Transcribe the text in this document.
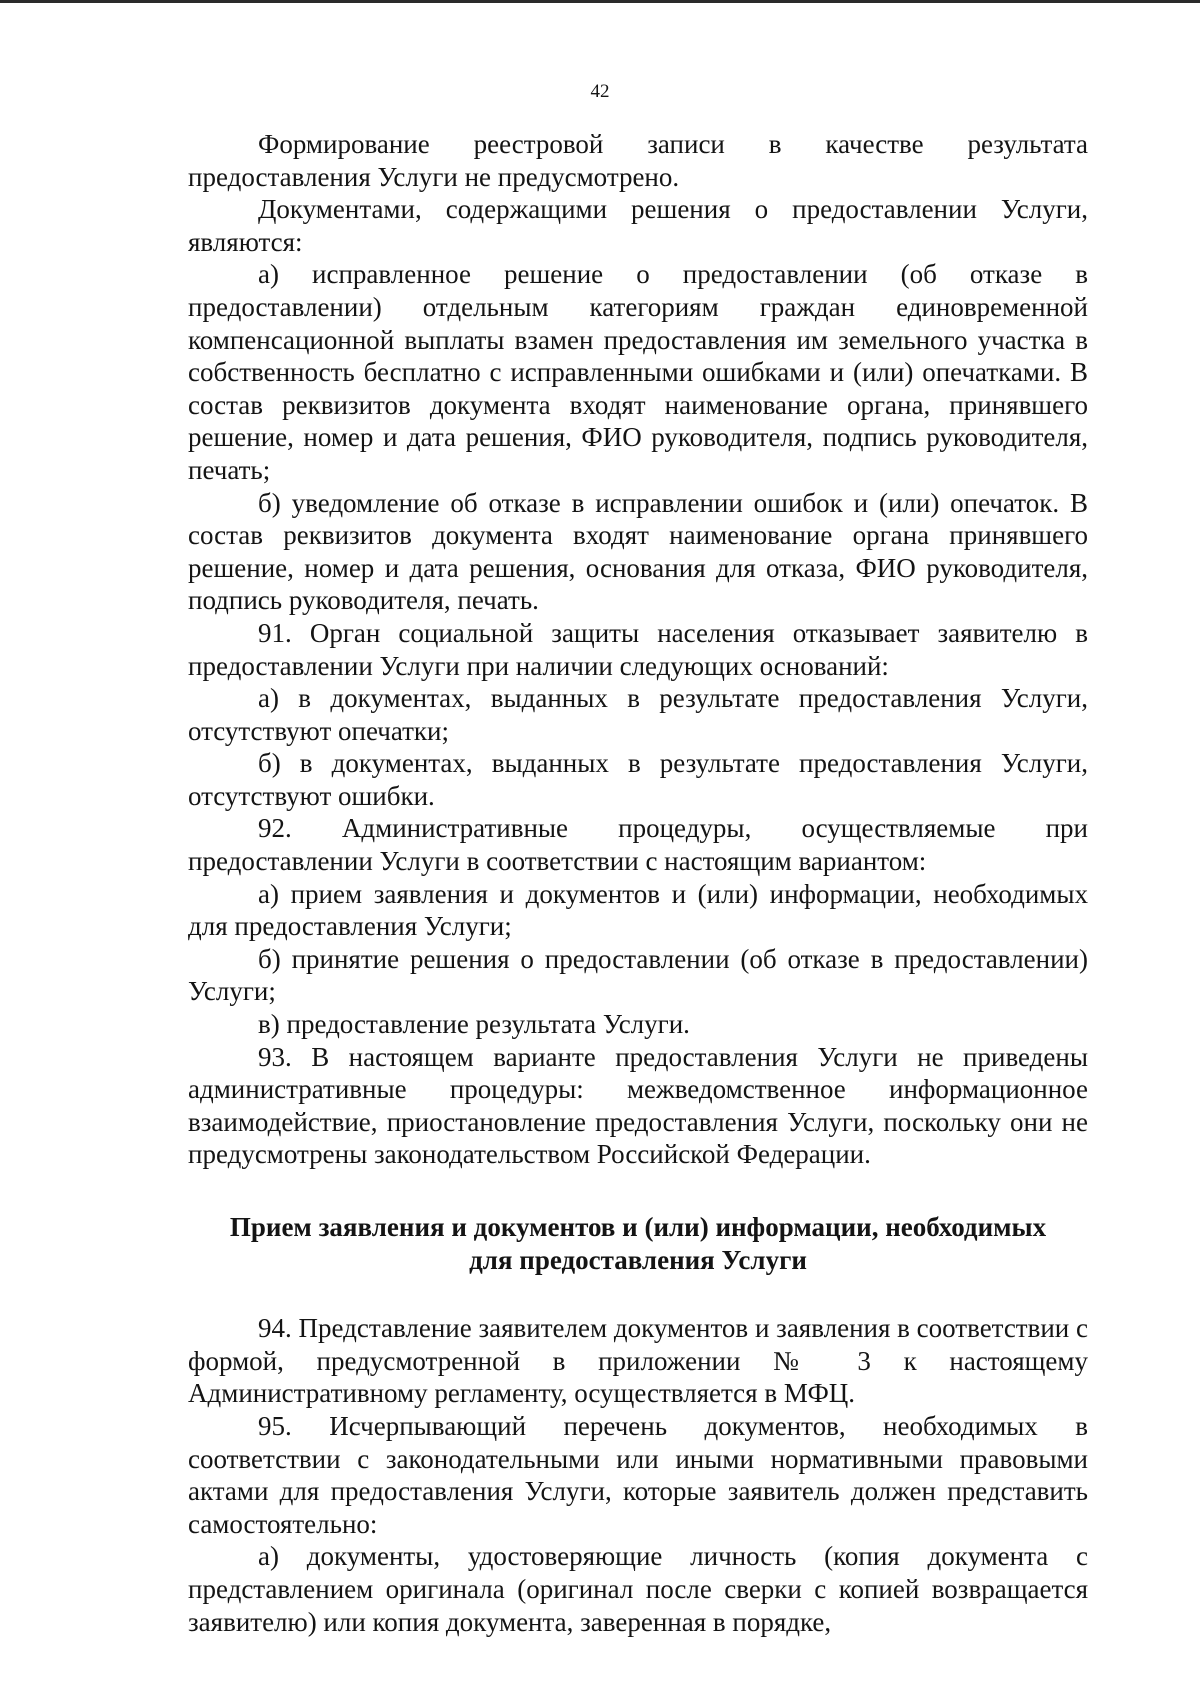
42

Формирование реестровой записи в качестве результата предоставления Услуги не предусмотрено.

Документами, содержащими решения о предоставлении Услуги, являются:

а) исправленное решение о предоставлении (об отказе в предоставлении) отдельным категориям граждан единовременной компенсационной выплаты взамен предоставления им земельного участка в собственность бесплатно с исправленными ошибками и (или) опечатками. В состав реквизитов документа входят наименование органа, принявшего решение, номер и дата решения, ФИО руководителя, подпись руководителя, печать;

б) уведомление об отказе в исправлении ошибок и (или) опечаток. В состав реквизитов документа входят наименование органа принявшего решение, номер и дата решения, основания для отказа, ФИО руководителя, подпись руководителя, печать.

91. Орган социальной защиты населения отказывает заявителю в предоставлении Услуги при наличии следующих оснований:

а) в документах, выданных в результате предоставления Услуги, отсутствуют опечатки;

б) в документах, выданных в результате предоставления Услуги, отсутствуют ошибки.

92. Административные процедуры, осуществляемые при предоставлении Услуги в соответствии с настоящим вариантом:

а) прием заявления и документов и (или) информации, необходимых для предоставления Услуги;

б) принятие решения о предоставлении (об отказе в предоставлении) Услуги;

в) предоставление результата Услуги.

93. В настоящем варианте предоставления Услуги не приведены административные процедуры: межведомственное информационное взаимодействие, приостановление предоставления Услуги, поскольку они не предусмотрены законодательством Российской Федерации.

Прием заявления и документов и (или) информации, необходимых
для предоставления Услуги

94. Представление заявителем документов и заявления в соответствии с формой, предусмотренной в приложении № 3 к настоящему Административному регламенту, осуществляется в МФЦ.

95. Исчерпывающий перечень документов, необходимых в соответствии с законодательными или иными нормативными правовыми актами для предоставления Услуги, которые заявитель должен представить самостоятельно:

а) документы, удостоверяющие личность (копия документа с представлением оригинала (оригинал после сверки с копией возвращается заявителю) или копия документа, заверенная в порядке,
